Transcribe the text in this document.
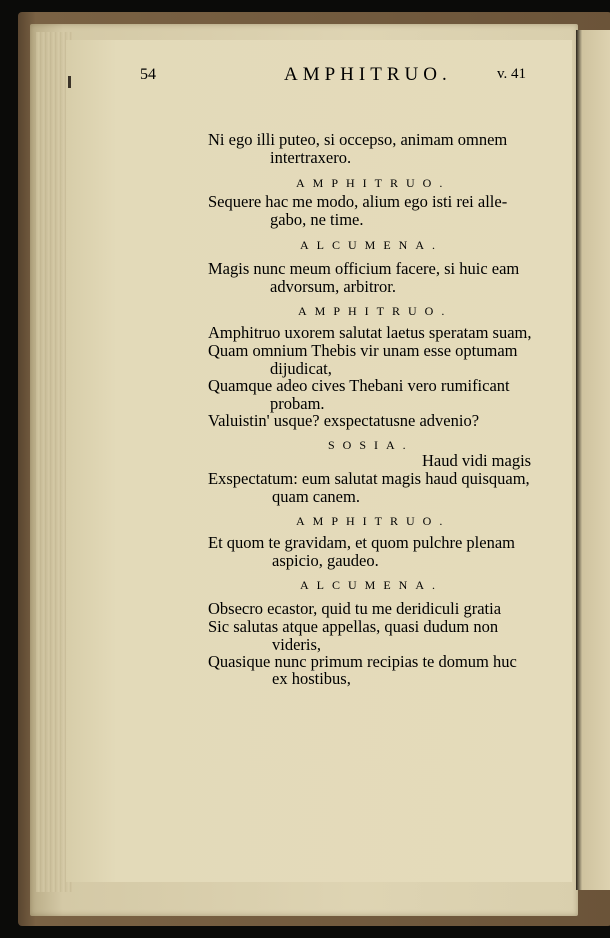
54	AMPHITRUO.	v. 41
Ni ego illi puteo, si occepso, animam omnem
intertraxero.
AMPHITRUO.
Sequere hac me modo, alium ego isti rei alle-
gabo, ne time.
ALCUMENA.
Magis nunc meum officium facere, si huic eam
advorsum, arbitror.
AMPHITRUO.
Amphitruo uxorem salutat laetus speratam suam,
Quam omnium Thebis vir unam esse optumam
dijudicat,
Quamque adeo cives Thebani vero rumificant
probam.
Valuistin' usque? exspectatusne advenio?
SOSIA.
Haud vidi magis
Exspectatum: eum salutat magis haud quisquam,
quam canem.
AMPHITRUO.
Et quom te gravidam, et quom pulchre plenam
aspicio, gaudeo.
ALCUMENA.
Obsecro ecastor, quid tu me deridiculi gratia
Sic salutas atque appellas, quasi dudum non
videris,
Quasique nunc primum recipias te domum huc
ex hostibus,
